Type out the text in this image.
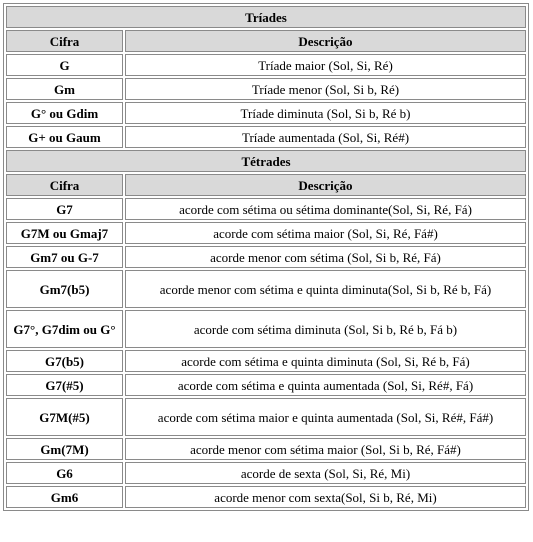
Tríades	
Cifra	Descrição
G	Tríade maior (Sol, Si, Ré)
Gm	Tríade menor (Sol, Si b, Ré)
G° ou Gdim	Tríade diminuta (Sol, Si b, Ré b)
G+ ou Gaum	Tríade aumentada (Sol, Si, Ré#)
Tétrades	
Cifra	Descrição
G7	acorde com sétima ou sétima dominante(Sol, Si, Ré, Fá)
G7M ou Gmaj7	acorde com sétima maior (Sol, Si, Ré, Fá#)
Gm7 ou G-7	acorde menor com sétima (Sol, Si b, Ré, Fá)
Gm7(b5)	acorde menor com sétima e quinta diminuta(Sol, Si b, Ré b, Fá)
G7°, G7dim ou G°	acorde com sétima diminuta (Sol, Si b, Ré b, Fá b)
G7(b5)	acorde com sétima e quinta diminuta (Sol, Si, Ré b, Fá)
G7(#5)	acorde com sétima e quinta aumentada (Sol, Si, Ré#, Fá)
G7M(#5)	acorde com sétima maior e quinta aumentada (Sol, Si, Ré#, Fá#)
Gm(7M)	acorde menor com sétima maior (Sol, Si b, Ré, Fá#)
G6	acorde de sexta (Sol, Si, Ré, Mi)
Gm6	acorde menor com sexta(Sol, Si b, Ré, Mi)
